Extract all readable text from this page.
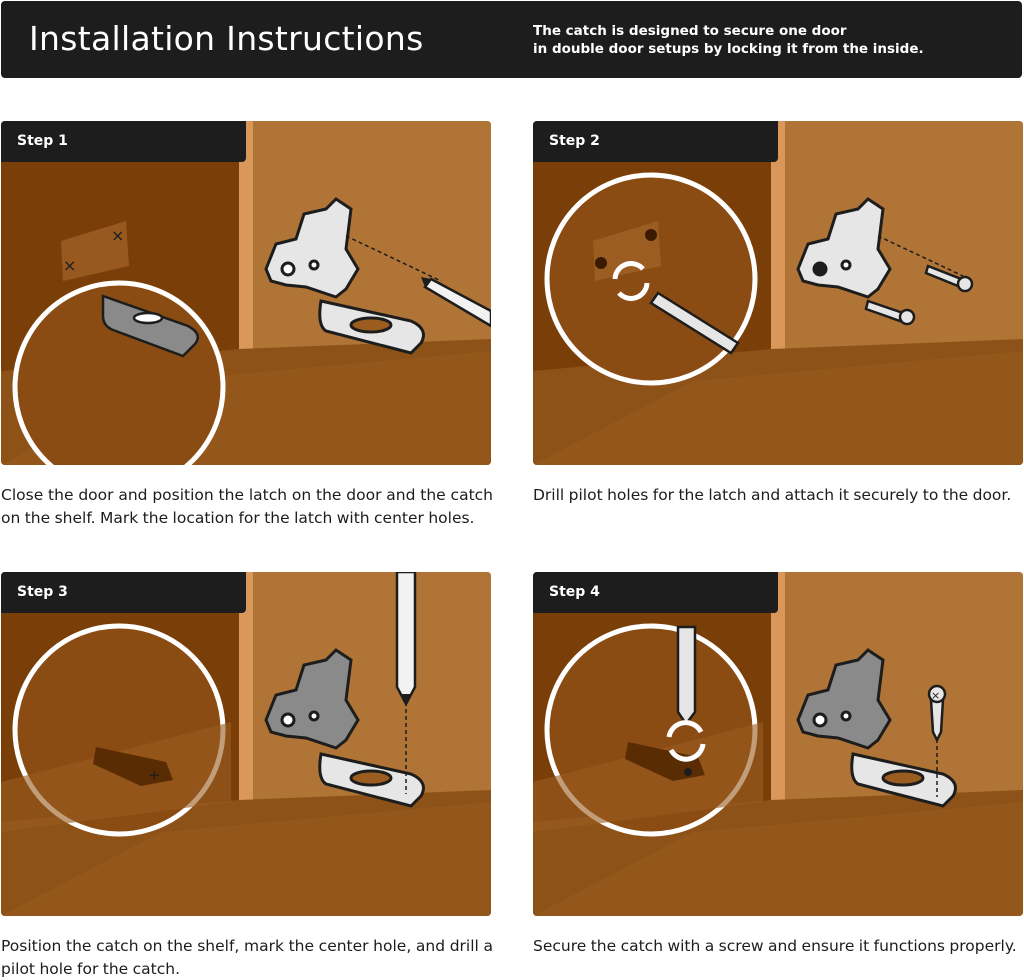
Installation Instructions	The catch is designed to secure one door
in double door setups by locking it from the inside.
×
×
Step 1
Close the door and position the latch on the door and the catch on the shelf. Mark the location for the latch with center holes.
Step 2
Drill pilot holes for the latch and attach it securely to the door.
+
Step 3
Position the catch on the shelf, mark the center hole, and drill a pilot hole for the catch.
×
Step 4
Secure the catch with a screw and ensure it functions properly.
